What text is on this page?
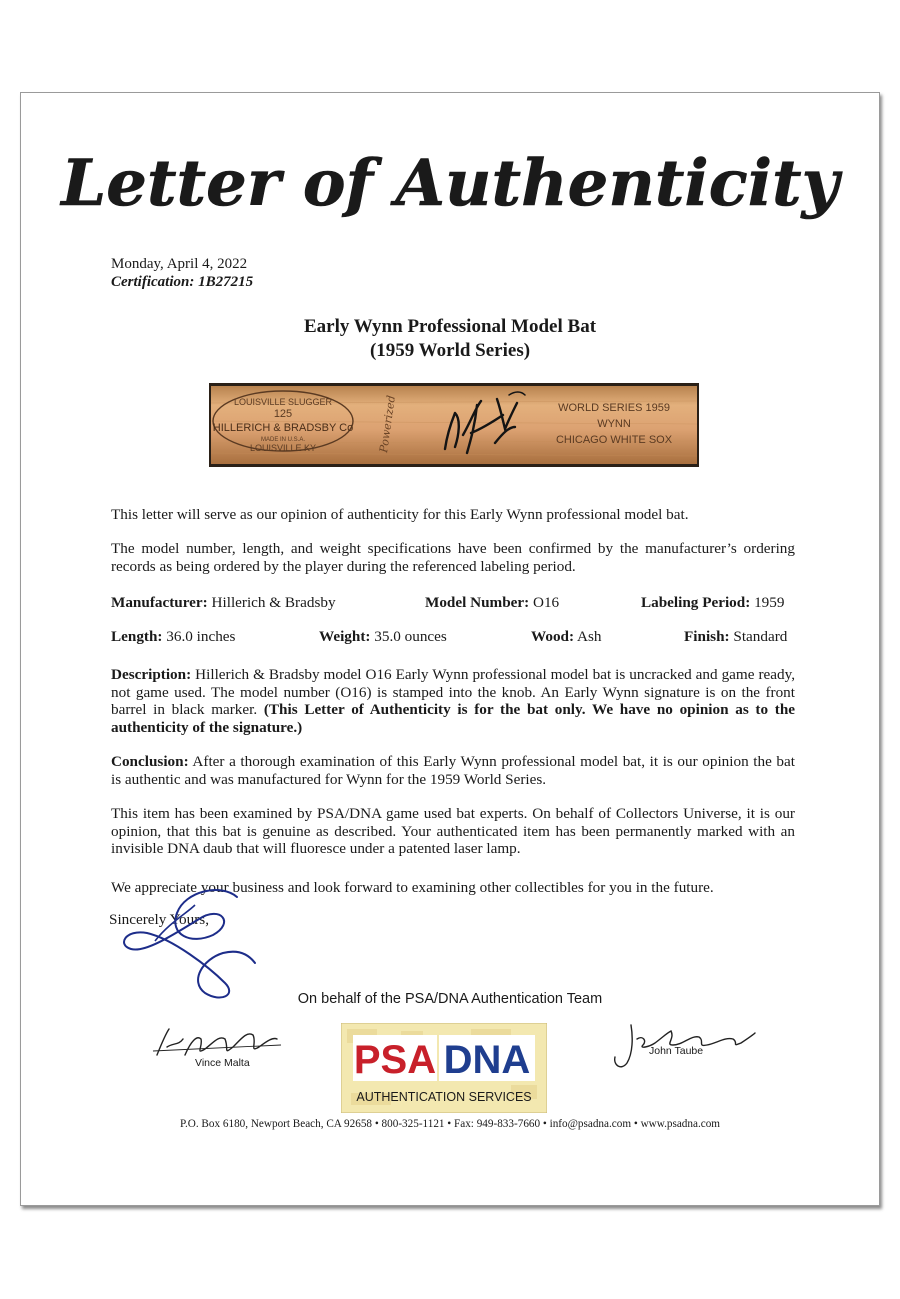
Letter of Authenticity
Monday, April 4, 2022
Certification: 1B27215
Early Wynn Professional Model Bat
(1959 World Series)
LOUISVILLE SLUGGER
125
HILLERICH & BRADSBY Co
MADE IN U.S.A.
LOUISVILLE KY	Powerized	WORLD SERIES 1959
WYNN
CHICAGO WHITE SOX
This letter will serve as our opinion of authenticity for this Early Wynn professional model bat.
The model number, length, and weight specifications have been confirmed by the manufacturer’s ordering records as being ordered by the player during the referenced labeling period.
Manufacturer: Hillerich & Bradsby	Model Number: O16	Labeling Period: 1959
Length: 36.0 inches	Weight: 35.0 ounces	Wood: Ash	Finish: Standard
Description: Hillerich & Bradsby model O16 Early Wynn professional model bat is uncracked and game ready, not game used. The model number (O16) is stamped into the knob. An Early Wynn signature is on the front barrel in black marker. (This Letter of Authenticity is for the bat only. We have no opinion as to the authenticity of the signature.)
Conclusion: After a thorough examination of this Early Wynn professional model bat, it is our opinion the bat is authentic and was manufactured for Wynn for the 1959 World Series.
This item has been examined by PSA/DNA game used bat experts. On behalf of Collectors Universe, it is our opinion, that this bat is genuine as described. Your authenticated item has been permanently marked with an invisible DNA daub that will fluoresce under a patented laser lamp.
We appreciate your business and look forward to examining other collectibles for you in the future.
Sincerely Yours,
On behalf of the PSA/DNA Authentication Team
Vince Malta	PSA DNA
AUTHENTICATION SERVICES
John Taube
P.O. Box 6180, Newport Beach, CA 92658 • 800-325-1121 • Fax: 949-833-7660 • info@psadna.com • www.psadna.com
